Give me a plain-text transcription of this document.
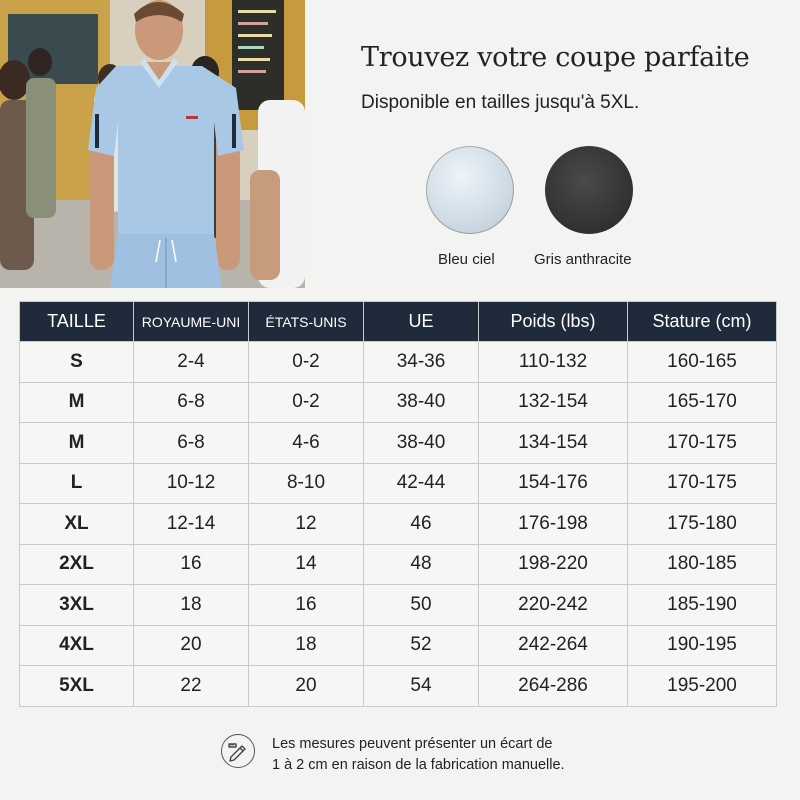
Trouvez votre coupe parfaite
Disponible en tailles jusqu'à 5XL.
Bleu ciel	Gris anthracite
TAILLE	ROYAUME-UNI	ÉTATS-UNIS	UE	Poids (lbs)	Stature (cm)
S	2-4	0-2	34-36	110-132	160-165
M	6-8	0-2	38-40	132-154	165-170
M	6-8	4-6	38-40	134-154	170-175
L	10-12	8-10	42-44	154-176	170-175
XL	12-14	12	46	176-198	175-180
2XL	16	14	48	198-220	180-185
3XL	18	16	50	220-242	185-190
4XL	20	18	52	242-264	190-195
5XL	22	20	54	264-286	195-200
Les mesures peuvent présenter un écart de
1 à 2 cm en raison de la fabrication manuelle.
